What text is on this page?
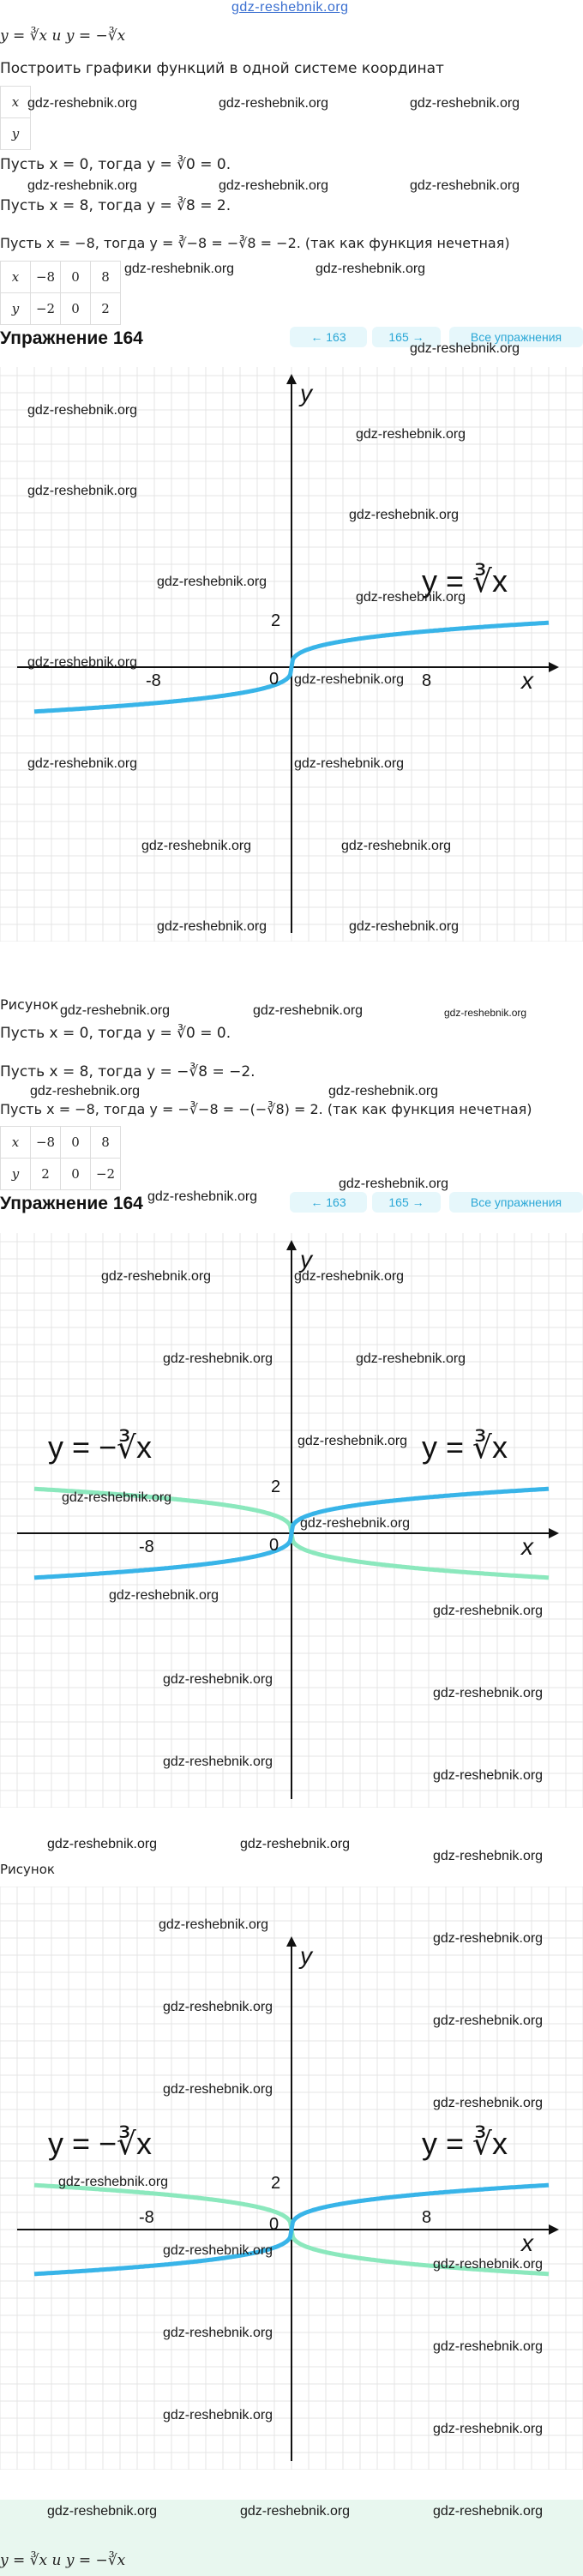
gdz-reshebnik.org
y = ∛x и y = −∛x
Построить графики функций в одной системе координат
x
y
Пусть x = 0, тогда y = ∛0 = 0.
Пусть x = 8, тогда y = ∛8 = 2.
Пусть x = −8, тогда y = ∛−8 = −∛8 = −2. (так как функция нечетная)
x	−8	0	8
y	−2	0	2
Упражнение 164	← 163	165 →	Все упражнения
y
x
-8	8
2
0
y = ∛x
Рисунок
Пусть x = 0, тогда y = ∛0 = 0.
Пусть x = 8, тогда y = −∛8 = −2.
Пусть x = −8, тогда y = −∛−8 = −(−∛8) = 2. (так как функция нечетная)
x	−8	0	8
y	2	0	−2
Упражнение 164	← 163	165 →	Все упражнения
y
x
-8
2
0
y = ∛x
y = −∛x
Рисунок
y
x
-8	8
2
0
y = ∛x
y = −∛x
y = ∛x и y = −∛x
gdz-reshebnik.org	gdz-reshebnik.org	gdz-reshebnik.org
gdz-reshebnik.org	gdz-reshebnik.org	gdz-reshebnik.org
gdz-reshebnik.org	gdz-reshebnik.org
gdz-reshebnik.org
gdz-reshebnik.org
gdz-reshebnik.org
gdz-reshebnik.org
gdz-reshebnik.org
gdz-reshebnik.org
gdz-reshebnik.org
gdz-reshebnik.org
gdz-reshebnik.org
gdz-reshebnik.org	gdz-reshebnik.org
gdz-reshebnik.org	gdz-reshebnik.org
gdz-reshebnik.org	gdz-reshebnik.org
gdz-reshebnik.org	gdz-reshebnik.org	gdz-reshebnik.org
gdz-reshebnik.org	gdz-reshebnik.org
gdz-reshebnik.org
gdz-reshebnik.org
gdz-reshebnik.org	gdz-reshebnik.org
gdz-reshebnik.org	gdz-reshebnik.org
gdz-reshebnik.org
gdz-reshebnik.org
gdz-reshebnik.org
gdz-reshebnik.org
gdz-reshebnik.org
gdz-reshebnik.org
gdz-reshebnik.org
gdz-reshebnik.org
gdz-reshebnik.org
gdz-reshebnik.org	gdz-reshebnik.org
gdz-reshebnik.org
gdz-reshebnik.org
gdz-reshebnik.org
gdz-reshebnik.org
gdz-reshebnik.org
gdz-reshebnik.org
gdz-reshebnik.org
gdz-reshebnik.org
gdz-reshebnik.org
gdz-reshebnik.org
gdz-reshebnik.org
gdz-reshebnik.org
gdz-reshebnik.org
gdz-reshebnik.org
gdz-reshebnik.org	gdz-reshebnik.org	gdz-reshebnik.org
